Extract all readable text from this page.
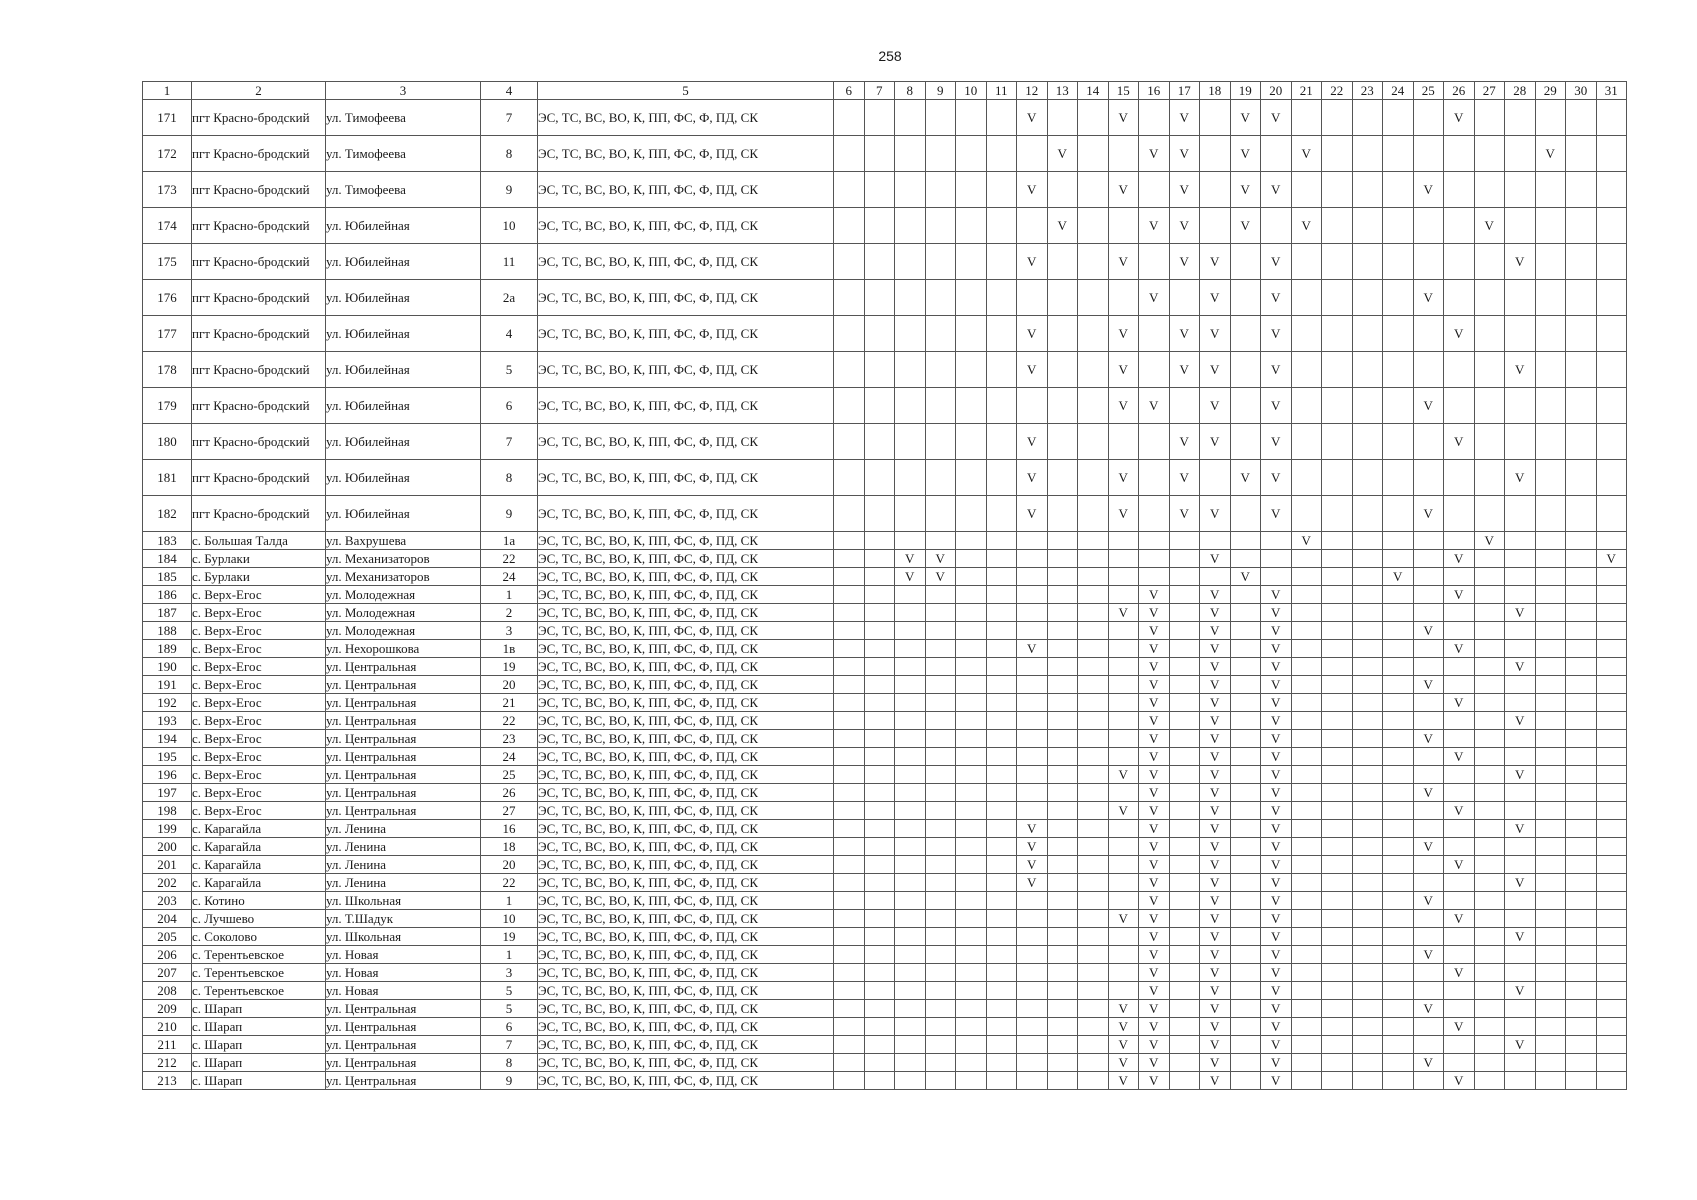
258
1	2	3	4	5	6	7	8	9	10	11	12	13	14	15	16	17	18	19	20	21	22	23	24	25	26	27	28	29	30	31
171	пгт Красно-бродский	ул. Тимофеева	7	ЭС, ТС, ВС, ВО, К, ПП, ФС, Ф, ПД, СК							V			V		V		V	V						V					
172	пгт Красно-бродский	ул. Тимофеева	8	ЭС, ТС, ВС, ВО, К, ПП, ФС, Ф, ПД, СК								V			V	V		V		V								V		
173	пгт Красно-бродский	ул. Тимофеева	9	ЭС, ТС, ВС, ВО, К, ПП, ФС, Ф, ПД, СК							V			V		V		V	V					V						
174	пгт Красно-бродский	ул. Юбилейная	10	ЭС, ТС, ВС, ВО, К, ПП, ФС, Ф, ПД, СК								V			V	V		V		V						V				
175	пгт Красно-бродский	ул. Юбилейная	11	ЭС, ТС, ВС, ВО, К, ПП, ФС, Ф, ПД, СК							V			V		V	V		V								V			
176	пгт Красно-бродский	ул. Юбилейная	2а	ЭС, ТС, ВС, ВО, К, ПП, ФС, Ф, ПД, СК											V		V		V					V						
177	пгт Красно-бродский	ул. Юбилейная	4	ЭС, ТС, ВС, ВО, К, ПП, ФС, Ф, ПД, СК							V			V		V	V		V						V					
178	пгт Красно-бродский	ул. Юбилейная	5	ЭС, ТС, ВС, ВО, К, ПП, ФС, Ф, ПД, СК							V			V		V	V		V								V			
179	пгт Красно-бродский	ул. Юбилейная	6	ЭС, ТС, ВС, ВО, К, ПП, ФС, Ф, ПД, СК										V	V		V		V					V						
180	пгт Красно-бродский	ул. Юбилейная	7	ЭС, ТС, ВС, ВО, К, ПП, ФС, Ф, ПД, СК							V					V	V		V						V					
181	пгт Красно-бродский	ул. Юбилейная	8	ЭС, ТС, ВС, ВО, К, ПП, ФС, Ф, ПД, СК							V			V		V		V	V								V			
182	пгт Красно-бродский	ул. Юбилейная	9	ЭС, ТС, ВС, ВО, К, ПП, ФС, Ф, ПД, СК							V			V		V	V		V					V						
183	с. Большая Талда	ул. Вахрушева	1а	ЭС, ТС, ВС, ВО, К, ПП, ФС, Ф, ПД, СК																V						V				
184	с. Бурлаки	ул. Механизаторов	22	ЭС, ТС, ВС, ВО, К, ПП, ФС, Ф, ПД, СК			V	V									V								V					V
185	с. Бурлаки	ул. Механизаторов	24	ЭС, ТС, ВС, ВО, К, ПП, ФС, Ф, ПД, СК			V	V										V					V							
186	с. Верх-Егос	ул. Молодежная	1	ЭС, ТС, ВС, ВО, К, ПП, ФС, Ф, ПД, СК											V		V		V						V					
187	с. Верх-Егос	ул. Молодежная	2	ЭС, ТС, ВС, ВО, К, ПП, ФС, Ф, ПД, СК										V	V		V		V								V			
188	с. Верх-Егос	ул. Молодежная	3	ЭС, ТС, ВС, ВО, К, ПП, ФС, Ф, ПД, СК											V		V		V					V						
189	с. Верх-Егос	ул. Нехорошкова	1в	ЭС, ТС, ВС, ВО, К, ПП, ФС, Ф, ПД, СК							V				V		V		V						V					
190	с. Верх-Егос	ул. Центральная	19	ЭС, ТС, ВС, ВО, К, ПП, ФС, Ф, ПД, СК											V		V		V								V			
191	с. Верх-Егос	ул. Центральная	20	ЭС, ТС, ВС, ВО, К, ПП, ФС, Ф, ПД, СК											V		V		V					V						
192	с. Верх-Егос	ул. Центральная	21	ЭС, ТС, ВС, ВО, К, ПП, ФС, Ф, ПД, СК											V		V		V						V					
193	с. Верх-Егос	ул. Центральная	22	ЭС, ТС, ВС, ВО, К, ПП, ФС, Ф, ПД, СК											V		V		V								V			
194	с. Верх-Егос	ул. Центральная	23	ЭС, ТС, ВС, ВО, К, ПП, ФС, Ф, ПД, СК											V		V		V					V						
195	с. Верх-Егос	ул. Центральная	24	ЭС, ТС, ВС, ВО, К, ПП, ФС, Ф, ПД, СК											V		V		V						V					
196	с. Верх-Егос	ул. Центральная	25	ЭС, ТС, ВС, ВО, К, ПП, ФС, Ф, ПД, СК										V	V		V		V								V			
197	с. Верх-Егос	ул. Центральная	26	ЭС, ТС, ВС, ВО, К, ПП, ФС, Ф, ПД, СК											V		V		V					V						
198	с. Верх-Егос	ул. Центральная	27	ЭС, ТС, ВС, ВО, К, ПП, ФС, Ф, ПД, СК										V	V		V		V						V					
199	с. Карагайла	ул. Ленина	16	ЭС, ТС, ВС, ВО, К, ПП, ФС, Ф, ПД, СК							V				V		V		V								V			
200	с. Карагайла	ул. Ленина	18	ЭС, ТС, ВС, ВО, К, ПП, ФС, Ф, ПД, СК							V				V		V		V					V						
201	с. Карагайла	ул. Ленина	20	ЭС, ТС, ВС, ВО, К, ПП, ФС, Ф, ПД, СК							V				V		V		V						V					
202	с. Карагайла	ул. Ленина	22	ЭС, ТС, ВС, ВО, К, ПП, ФС, Ф, ПД, СК							V				V		V		V								V			
203	с. Котино	ул. Школьная	1	ЭС, ТС, ВС, ВО, К, ПП, ФС, Ф, ПД, СК											V		V		V					V						
204	с. Лучшево	ул. Т.Шадук	10	ЭС, ТС, ВС, ВО, К, ПП, ФС, Ф, ПД, СК										V	V		V		V						V					
205	с. Соколово	ул. Школьная	19	ЭС, ТС, ВС, ВО, К, ПП, ФС, Ф, ПД, СК											V		V		V								V			
206	с. Терентьевское	ул. Новая	1	ЭС, ТС, ВС, ВО, К, ПП, ФС, Ф, ПД, СК											V		V		V					V						
207	с. Терентьевское	ул. Новая	3	ЭС, ТС, ВС, ВО, К, ПП, ФС, Ф, ПД, СК											V		V		V						V					
208	с. Терентьевское	ул. Новая	5	ЭС, ТС, ВС, ВО, К, ПП, ФС, Ф, ПД, СК											V		V		V								V			
209	с. Шарап	ул. Центральная	5	ЭС, ТС, ВС, ВО, К, ПП, ФС, Ф, ПД, СК										V	V		V		V					V						
210	с. Шарап	ул. Центральная	6	ЭС, ТС, ВС, ВО, К, ПП, ФС, Ф, ПД, СК										V	V		V		V						V					
211	с. Шарап	ул. Центральная	7	ЭС, ТС, ВС, ВО, К, ПП, ФС, Ф, ПД, СК										V	V		V		V								V			
212	с. Шарап	ул. Центральная	8	ЭС, ТС, ВС, ВО, К, ПП, ФС, Ф, ПД, СК										V	V		V		V					V						
213	с. Шарап	ул. Центральная	9	ЭС, ТС, ВС, ВО, К, ПП, ФС, Ф, ПД, СК										V	V		V		V						V					
